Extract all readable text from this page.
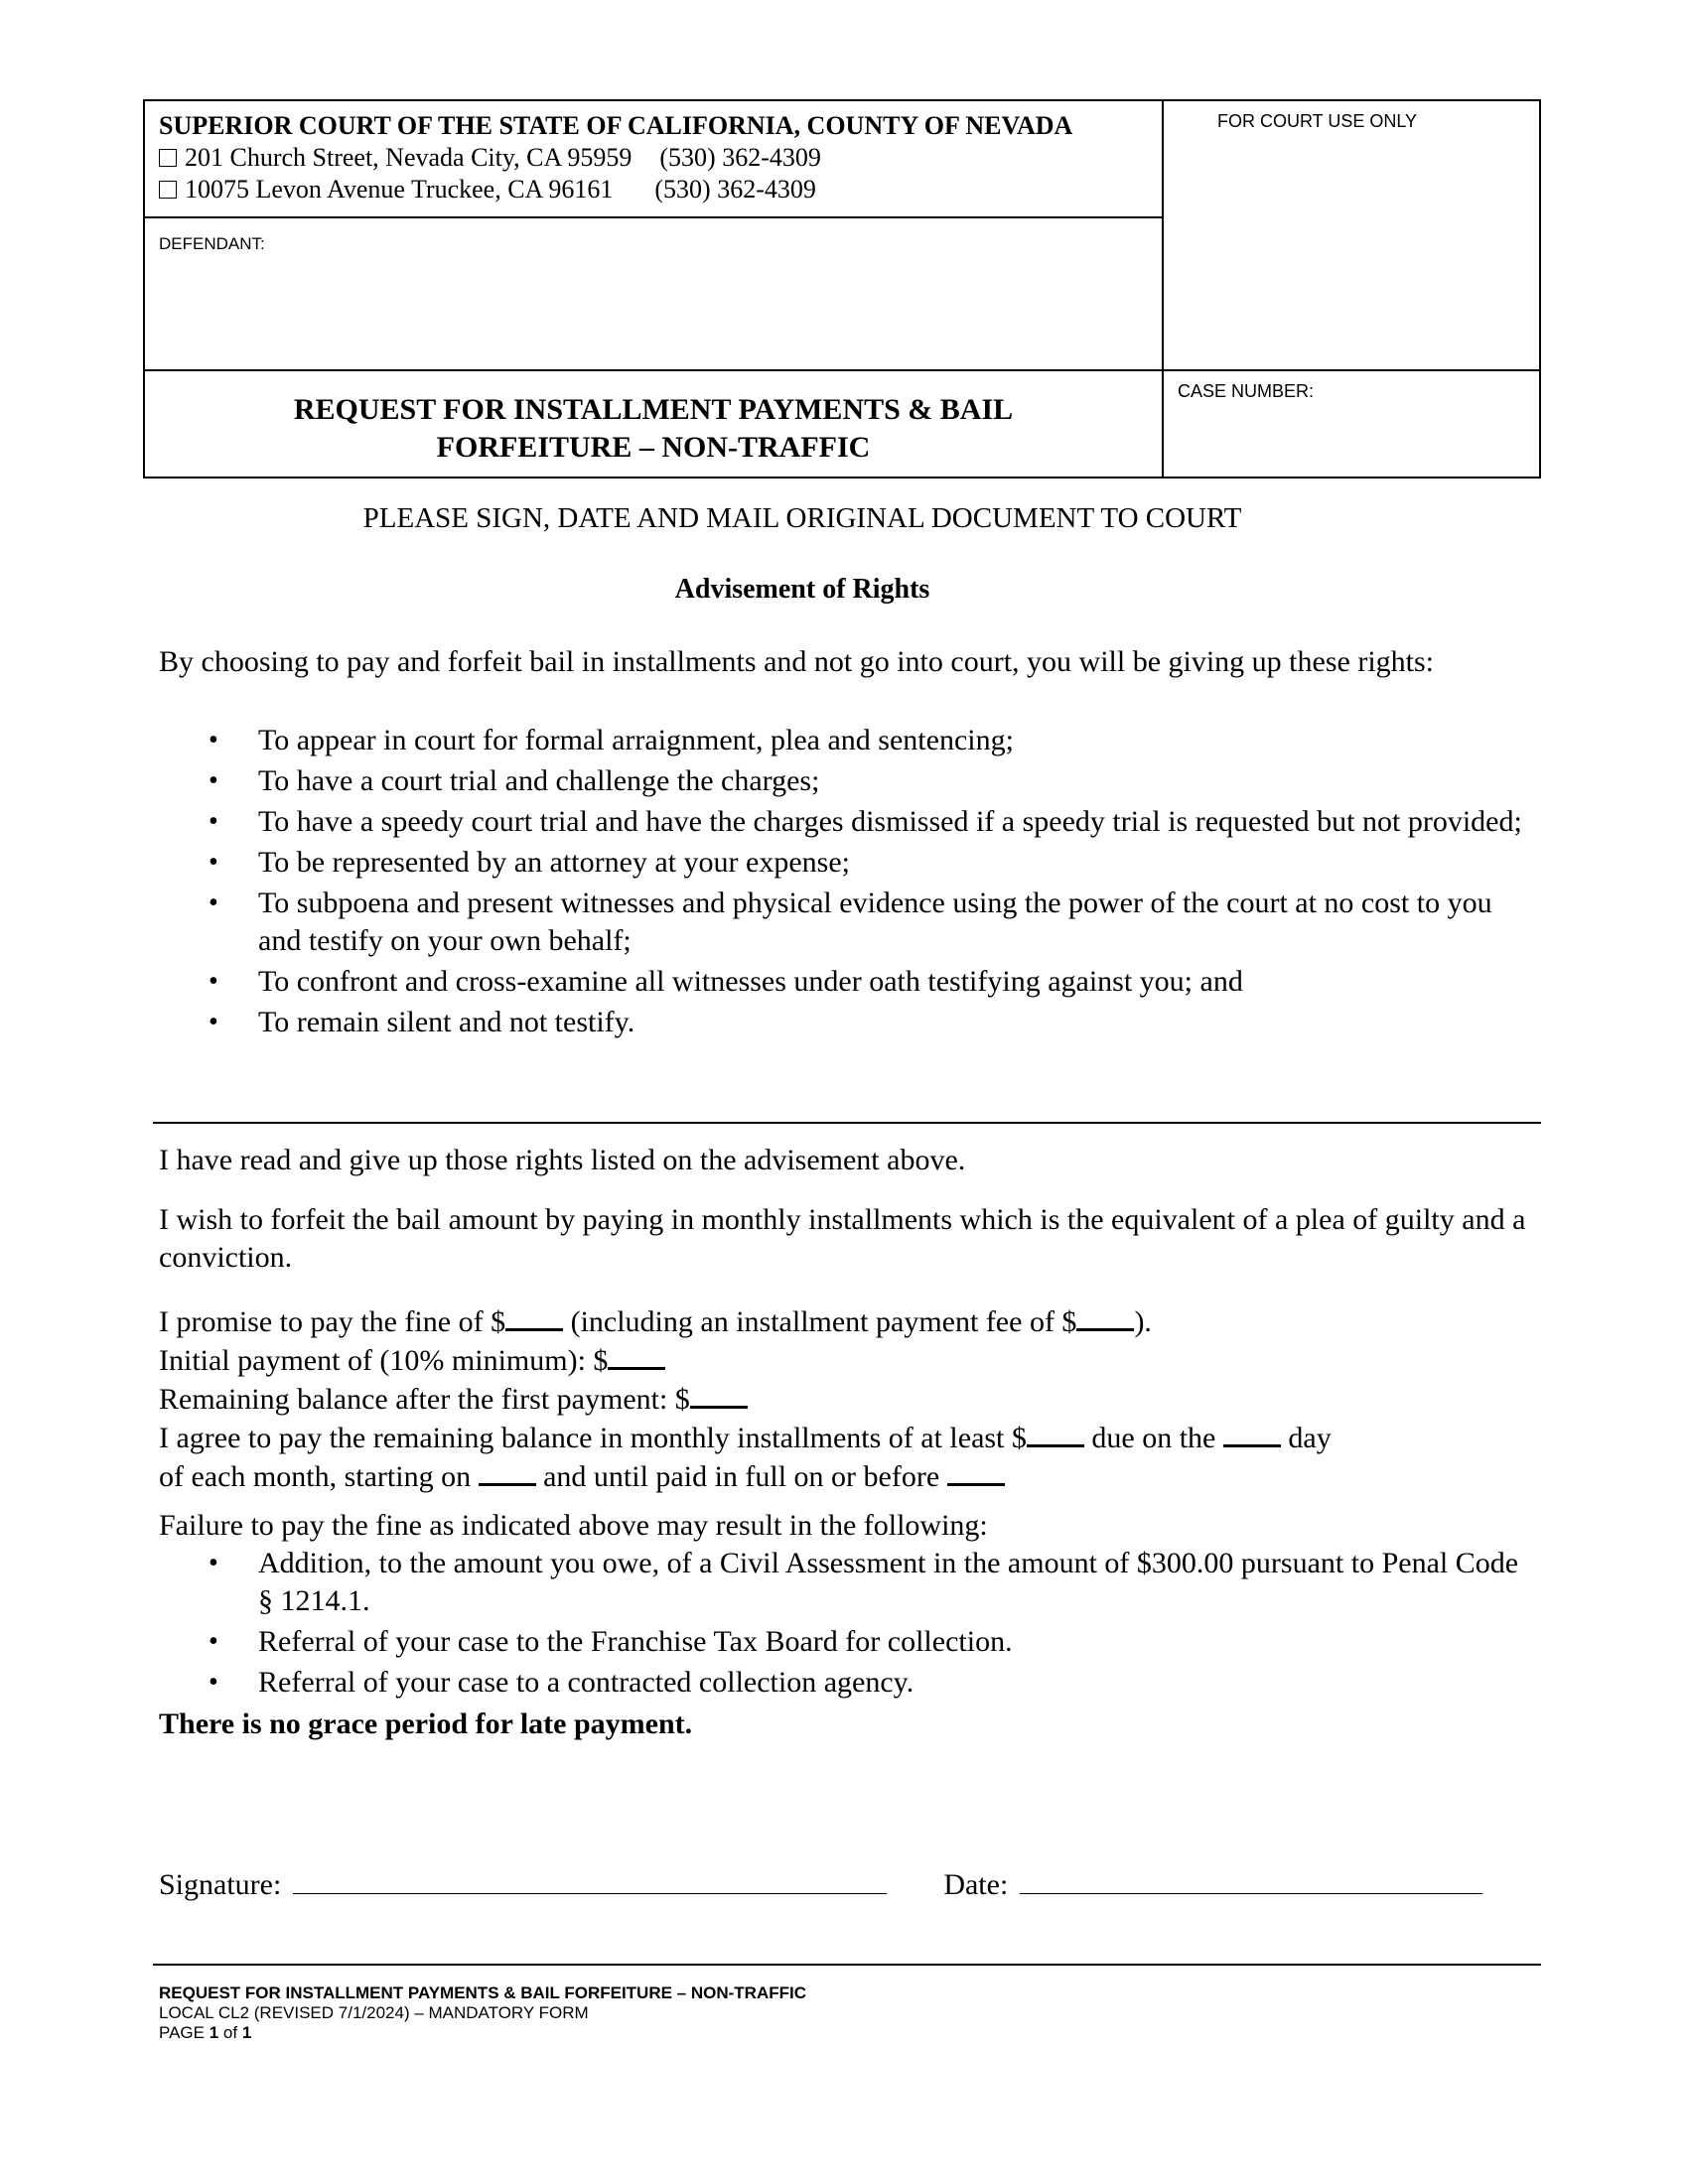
SUPERIOR COURT OF THE STATE OF CALIFORNIA, COUNTY OF NEVADA
201 Church Street, Nevada City, CA 95959 (530) 362-4309
10075 Levon Avenue Truckee, CA 96161 (530) 362-4309
FOR COURT USE ONLY
DEFENDANT:
CASE NUMBER:
REQUEST FOR INSTALLMENT PAYMENTS & BAIL
FORFEITURE – NON-TRAFFIC
PLEASE SIGN, DATE AND MAIL ORIGINAL DOCUMENT TO COURT
Advisement of Rights
By choosing to pay and forfeit bail in installments and not go into court, you will be giving up these rights:
• To appear in court for formal arraignment, plea and sentencing;
• To have a court trial and challenge the charges;
• To have a speedy court trial and have the charges dismissed if a speedy trial is requested but not provided;
• To be represented by an attorney at your expense;
• To subpoena and present witnesses and physical evidence using the power of the court at no cost to you and testify on your own behalf;
• To confront and cross-examine all witnesses under oath testifying against you; and
• To remain silent and not testify.
I have read and give up those rights listed on the advisement above.
I wish to forfeit the bail amount by paying in monthly installments which is the equivalent of a plea of guilty and a conviction.
I promise to pay the fine of $ (including an installment payment fee of $ ).
Initial payment of (10% minimum): $
Remaining balance after the first payment: $
I agree to pay the remaining balance in monthly installments of at least $ due on the day
of each month, starting on and until paid in full on or before
Failure to pay the fine as indicated above may result in the following:
• Addition, to the amount you owe, of a Civil Assessment in the amount of $300.00 pursuant to Penal Code § 1214.1.
• Referral of your case to the Franchise Tax Board for collection.
• Referral of your case to a contracted collection agency.
There is no grace period for late payment.
Signature:	Date:
REQUEST FOR INSTALLMENT PAYMENTS & BAIL FORFEITURE – NON-TRAFFIC
LOCAL CL2 (REVISED 7/1/2024) – MANDATORY FORM
PAGE 1 of 1
